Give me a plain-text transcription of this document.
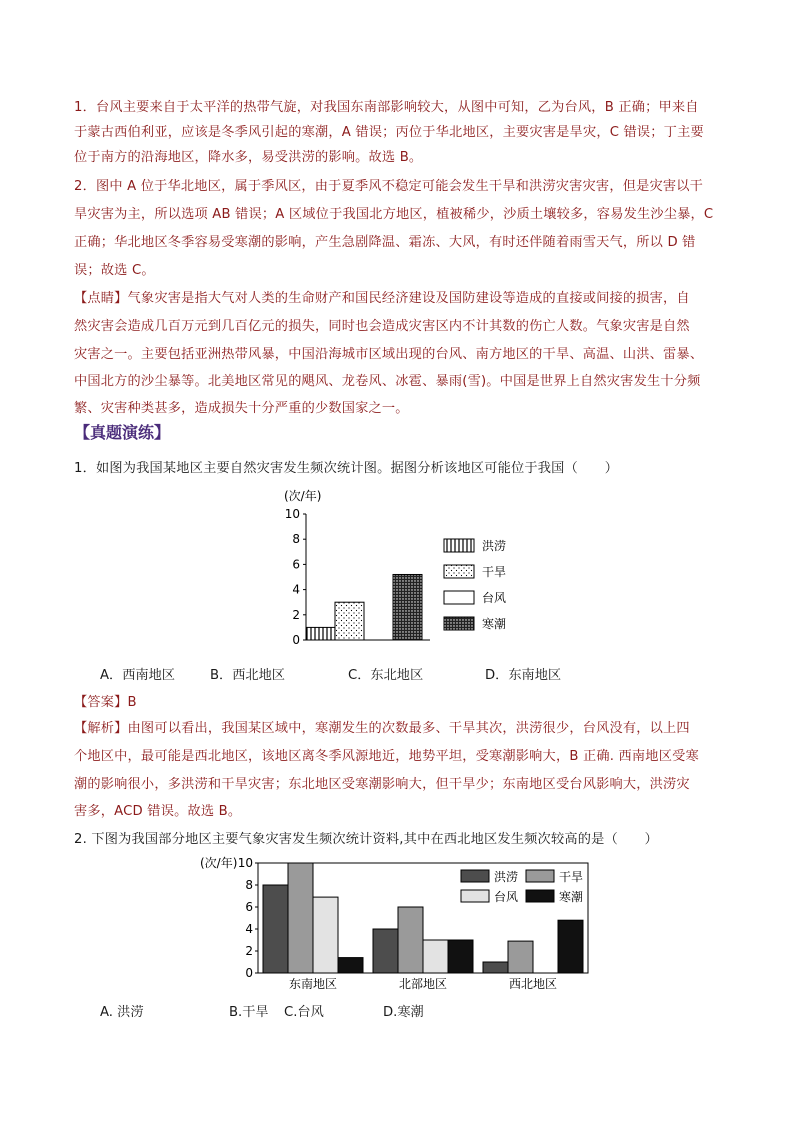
1．台风主要来自于太平洋的热带气旋，对我国东南部影响较大，从图中可知，乙为台风，B 正确；甲来自
于蒙古西伯利亚，应该是冬季风引起的寒潮，A 错误；丙位于华北地区，主要灾害是旱灾，C 错误；丁主要
位于南方的沿海地区，降水多，易受洪涝的影响。故选 B。
2．图中 A 位于华北地区，属于季风区，由于夏季风不稳定可能会发生干旱和洪涝灾害灾害，但是灾害以干
旱灾害为主，所以选项 AB 错误；A 区域位于我国北方地区，植被稀少，沙质土壤较多，容易发生沙尘暴，C
正确；华北地区冬季容易受寒潮的影响，产生急剧降温、霜冻、大风，有时还伴随着雨雪天气，所以 D 错
误；故选 C。
【点睛】气象灾害是指大气对人类的生命财产和国民经济建设及国防建设等造成的直接或间接的损害，自
然灾害会造成几百万元到几百亿元的损失，同时也会造成灾害区内不计其数的伤亡人数。气象灾害是自然
灾害之一。主要包括亚洲热带风暴，中国沿海城市区域出现的台风、南方地区的干旱、高温、山洪、雷暴、
中国北方的沙尘暴等。北美地区常见的飓风、龙卷风、冰雹、暴雨(雪)。中国是世界上自然灾害发生十分频
繁、灾害种类甚多，造成损失十分严重的少数国家之一。
【真题演练】
1．如图为我国某地区主要自然灾害发生频次统计图。据图分析该地区可能位于我国（　　）
(次/年)
0
2
4
6
8
10
洪涝
干旱
台风
寒潮
A．西南地区	B．西北地区	C．东北地区	D．东南地区
【答案】B
【解析】由图可以看出，我国某区域中，寒潮发生的次数最多、干旱其次，洪涝很少，台风没有，以上四
个地区中，最可能是西北地区，该地区离冬季风源地近，地势平坦，受寒潮影响大，B 正确. 西南地区受寒
潮的影响很小，多洪涝和干旱灾害；东北地区受寒潮影响大，但干旱少；东南地区受台风影响大，洪涝灾
害多，ACD 错误。故选 B。
2. 下图为我国部分地区主要气象灾害发生频次统计资料,其中在西北地区发生频次较高的是（　　）
(次/年)
0
2
4
6
8
10
东南地区	北部地区	西北地区
洪涝	干旱
台风	寒潮
A. 洪涝	B.干旱 C.台风	D.寒潮
